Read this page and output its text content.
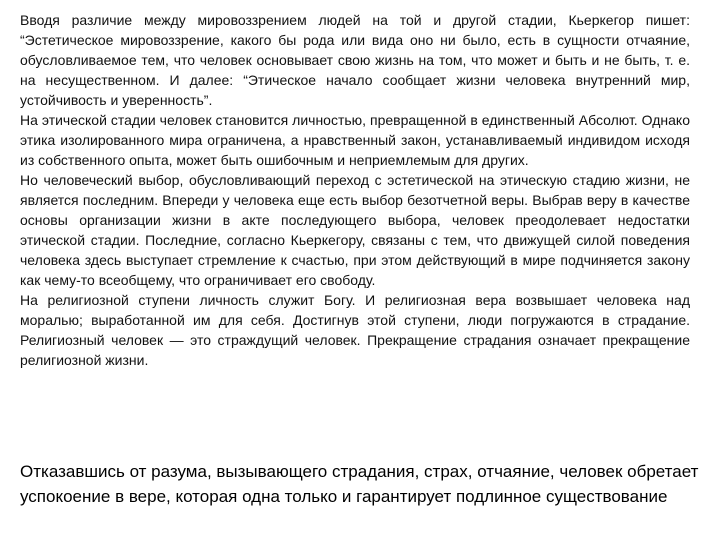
Вводя различие между мировоззрением людей на той и другой стадии, Кьеркегор пишет: “Эстетическое мировоззрение, какого бы рода или вида оно ни было, есть в сущности отчаяние, обусловливаемое тем, что человек основывает свою жизнь на том, что может и быть и не быть, т. е. на несущественном. И далее: “Этическое начало сообщает жизни человека внутренний мир, устойчивость и уверенность”.

На этической стадии человек становится личностью, превращенной в единственный Абсолют. Однако этика изолированного мира ограничена, а нравственный закон, устанавливаемый индивидом исходя из собственного опыта, может быть ошибочным и неприемлемым для других.

Но человеческий выбор, обусловливающий переход с эстетической на этическую стадию жизни, не является последним. Впереди у человека еще есть выбор безотчетной веры. Выбрав веру в качестве основы организации жизни в акте последующего выбора, человек преодолевает недостатки этической стадии. Последние, согласно Кьеркегору, связаны с тем, что движущей силой поведения человека здесь выступает стремление к счастью, при этом действующий в мире подчиняется закону как чему-то всеобщему, что ограничивает его свободу.

На религиозной ступени личность служит Богу. И религиозная вера возвышает человека над моралью; выработанной им для себя. Достигнув этой ступени, люди погружаются в страдание. Религиозный человек — это страждущий человек. Прекращение страдания означает прекращение религиозной жизни.

Отказавшись от разума, вызывающего страдания, страх, отчаяние, человек обретает успокоение в вере, которая одна только и гарантирует подлинное существование
